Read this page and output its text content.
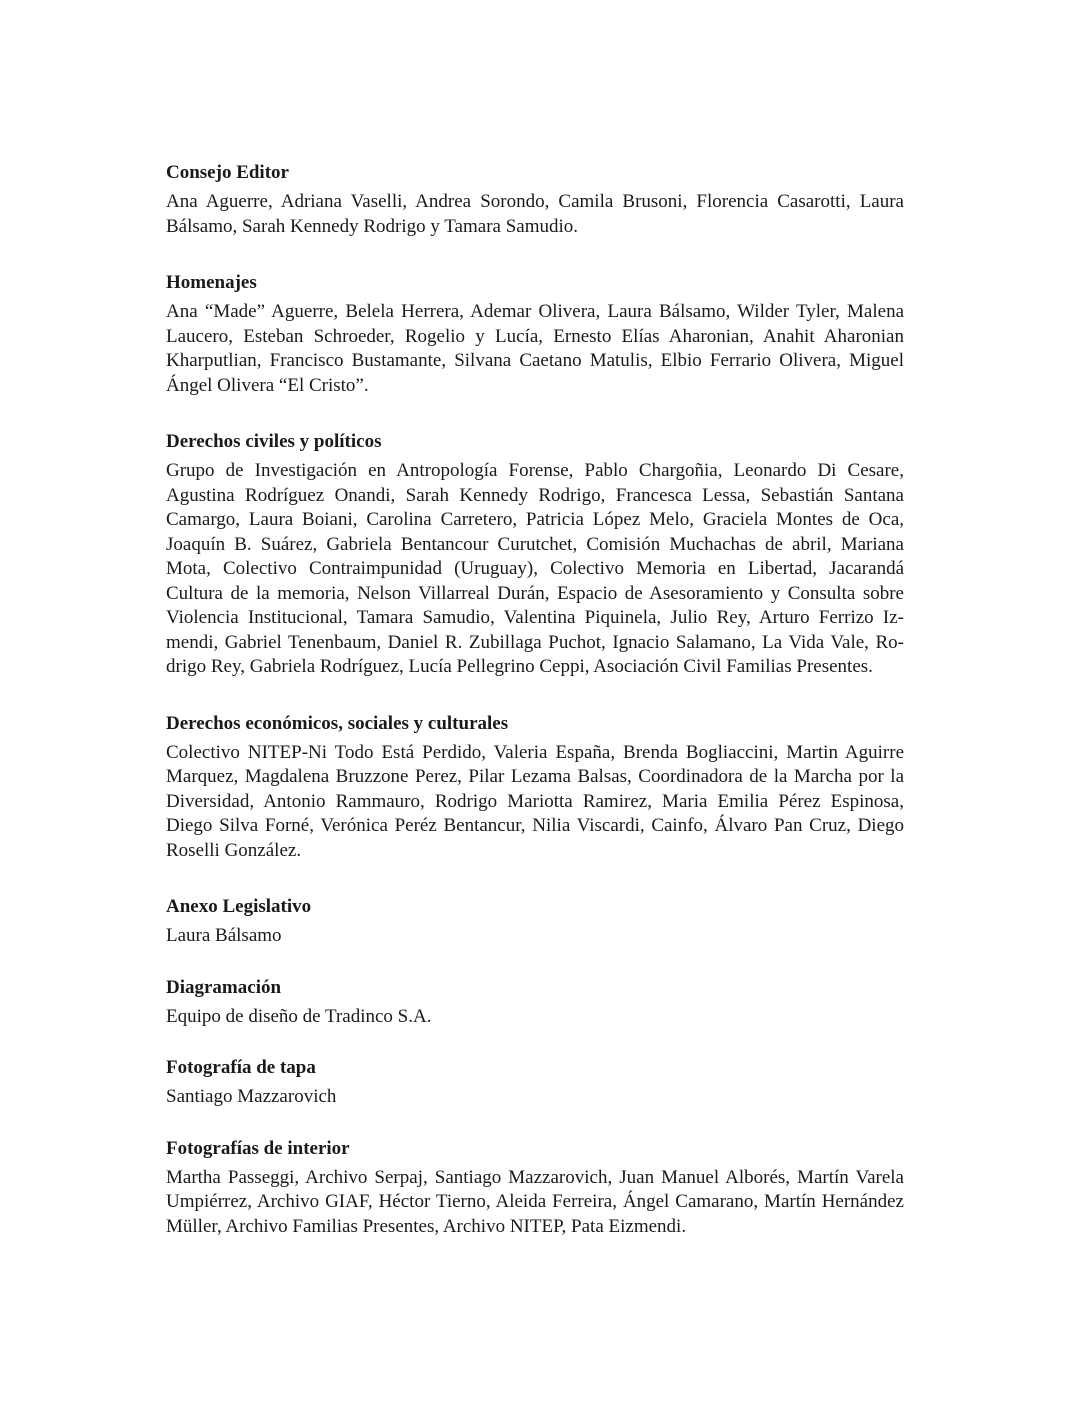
Consejo Editor

Ana Aguerre, Adriana Vaselli, Andrea Sorondo, Camila Brusoni, Florencia Casarotti, Laura Bálsamo, Sarah Kennedy Rodrigo y Tamara Samudio.

Homenajes

Ana “Made” Aguerre, Belela Herrera, Ademar Olivera, Laura Bálsamo, Wilder Tyler, Malena Laucero, Esteban Schroeder, Rogelio y Lucía, Ernesto Elías Aharonian, Anahit Aharonian Kharputlian, Francisco Bustamante, Silvana Caetano Matulis, Elbio Ferrario Olivera, Miguel Ángel Olivera “El Cristo”.

Derechos civiles y políticos

Grupo de Investigación en Antropología Forense, Pablo Chargoñia, Leonardo Di Cesare, Agustina Rodríguez Onandi, Sarah Kennedy Rodrigo, Francesca Lessa, Sebastián Santana Camargo, Laura Boiani, Carolina Carretero, Patricia López Melo, Graciela Montes de Oca, Joaquín B. Suárez, Gabriela Bentancour Curutchet, Comisión Muchachas de abril, Mariana Mota, Colectivo Contraimpunidad (Uruguay), Colectivo Memoria en Libertad, Jacarandá Cultura de la memoria, Nelson Villarreal Durán, Espacio de Asesoramiento y Consulta sobre Violencia Institucional, Tamara Samudio, Valentina Piquinela, Julio Rey, Arturo Ferrizo Izmendi, Gabriel Tenenbaum, Daniel R. Zubillaga Puchot, Ignacio Salamano, La Vida Vale, Rodrigo Rey, Gabriela Rodríguez, Lucía Pellegrino Ceppi, Asociación Civil Familias Presentes.

Derechos económicos, sociales y culturales

Colectivo NITEP-Ni Todo Está Perdido, Valeria España, Brenda Bogliaccini, Martin Aguirre Marquez, Magdalena Bruzzone Perez, Pilar Lezama Balsas, Coordinadora de la Marcha por la Diversidad, Antonio Rammauro, Rodrigo Mariotta Ramirez, Maria Emilia Pérez Espinosa, Diego Silva Forné, Verónica Peréz Bentancur, Nilia Viscardi, Cainfo, Álvaro Pan Cruz, Diego Roselli González.

Anexo Legislativo

Laura Bálsamo

Diagramación

Equipo de diseño de Tradinco S.A.

Fotografía de tapa

Santiago Mazzarovich

Fotografías de interior

Martha Passeggi, Archivo Serpaj, Santiago Mazzarovich, Juan Manuel Alborés, Martín Varela Umpiérrez, Archivo GIAF, Héctor Tierno, Aleida Ferreira, Ángel Camarano, Martín Hernández Müller, Archivo Familias Presentes, Archivo NITEP, Pata Eizmendi.
